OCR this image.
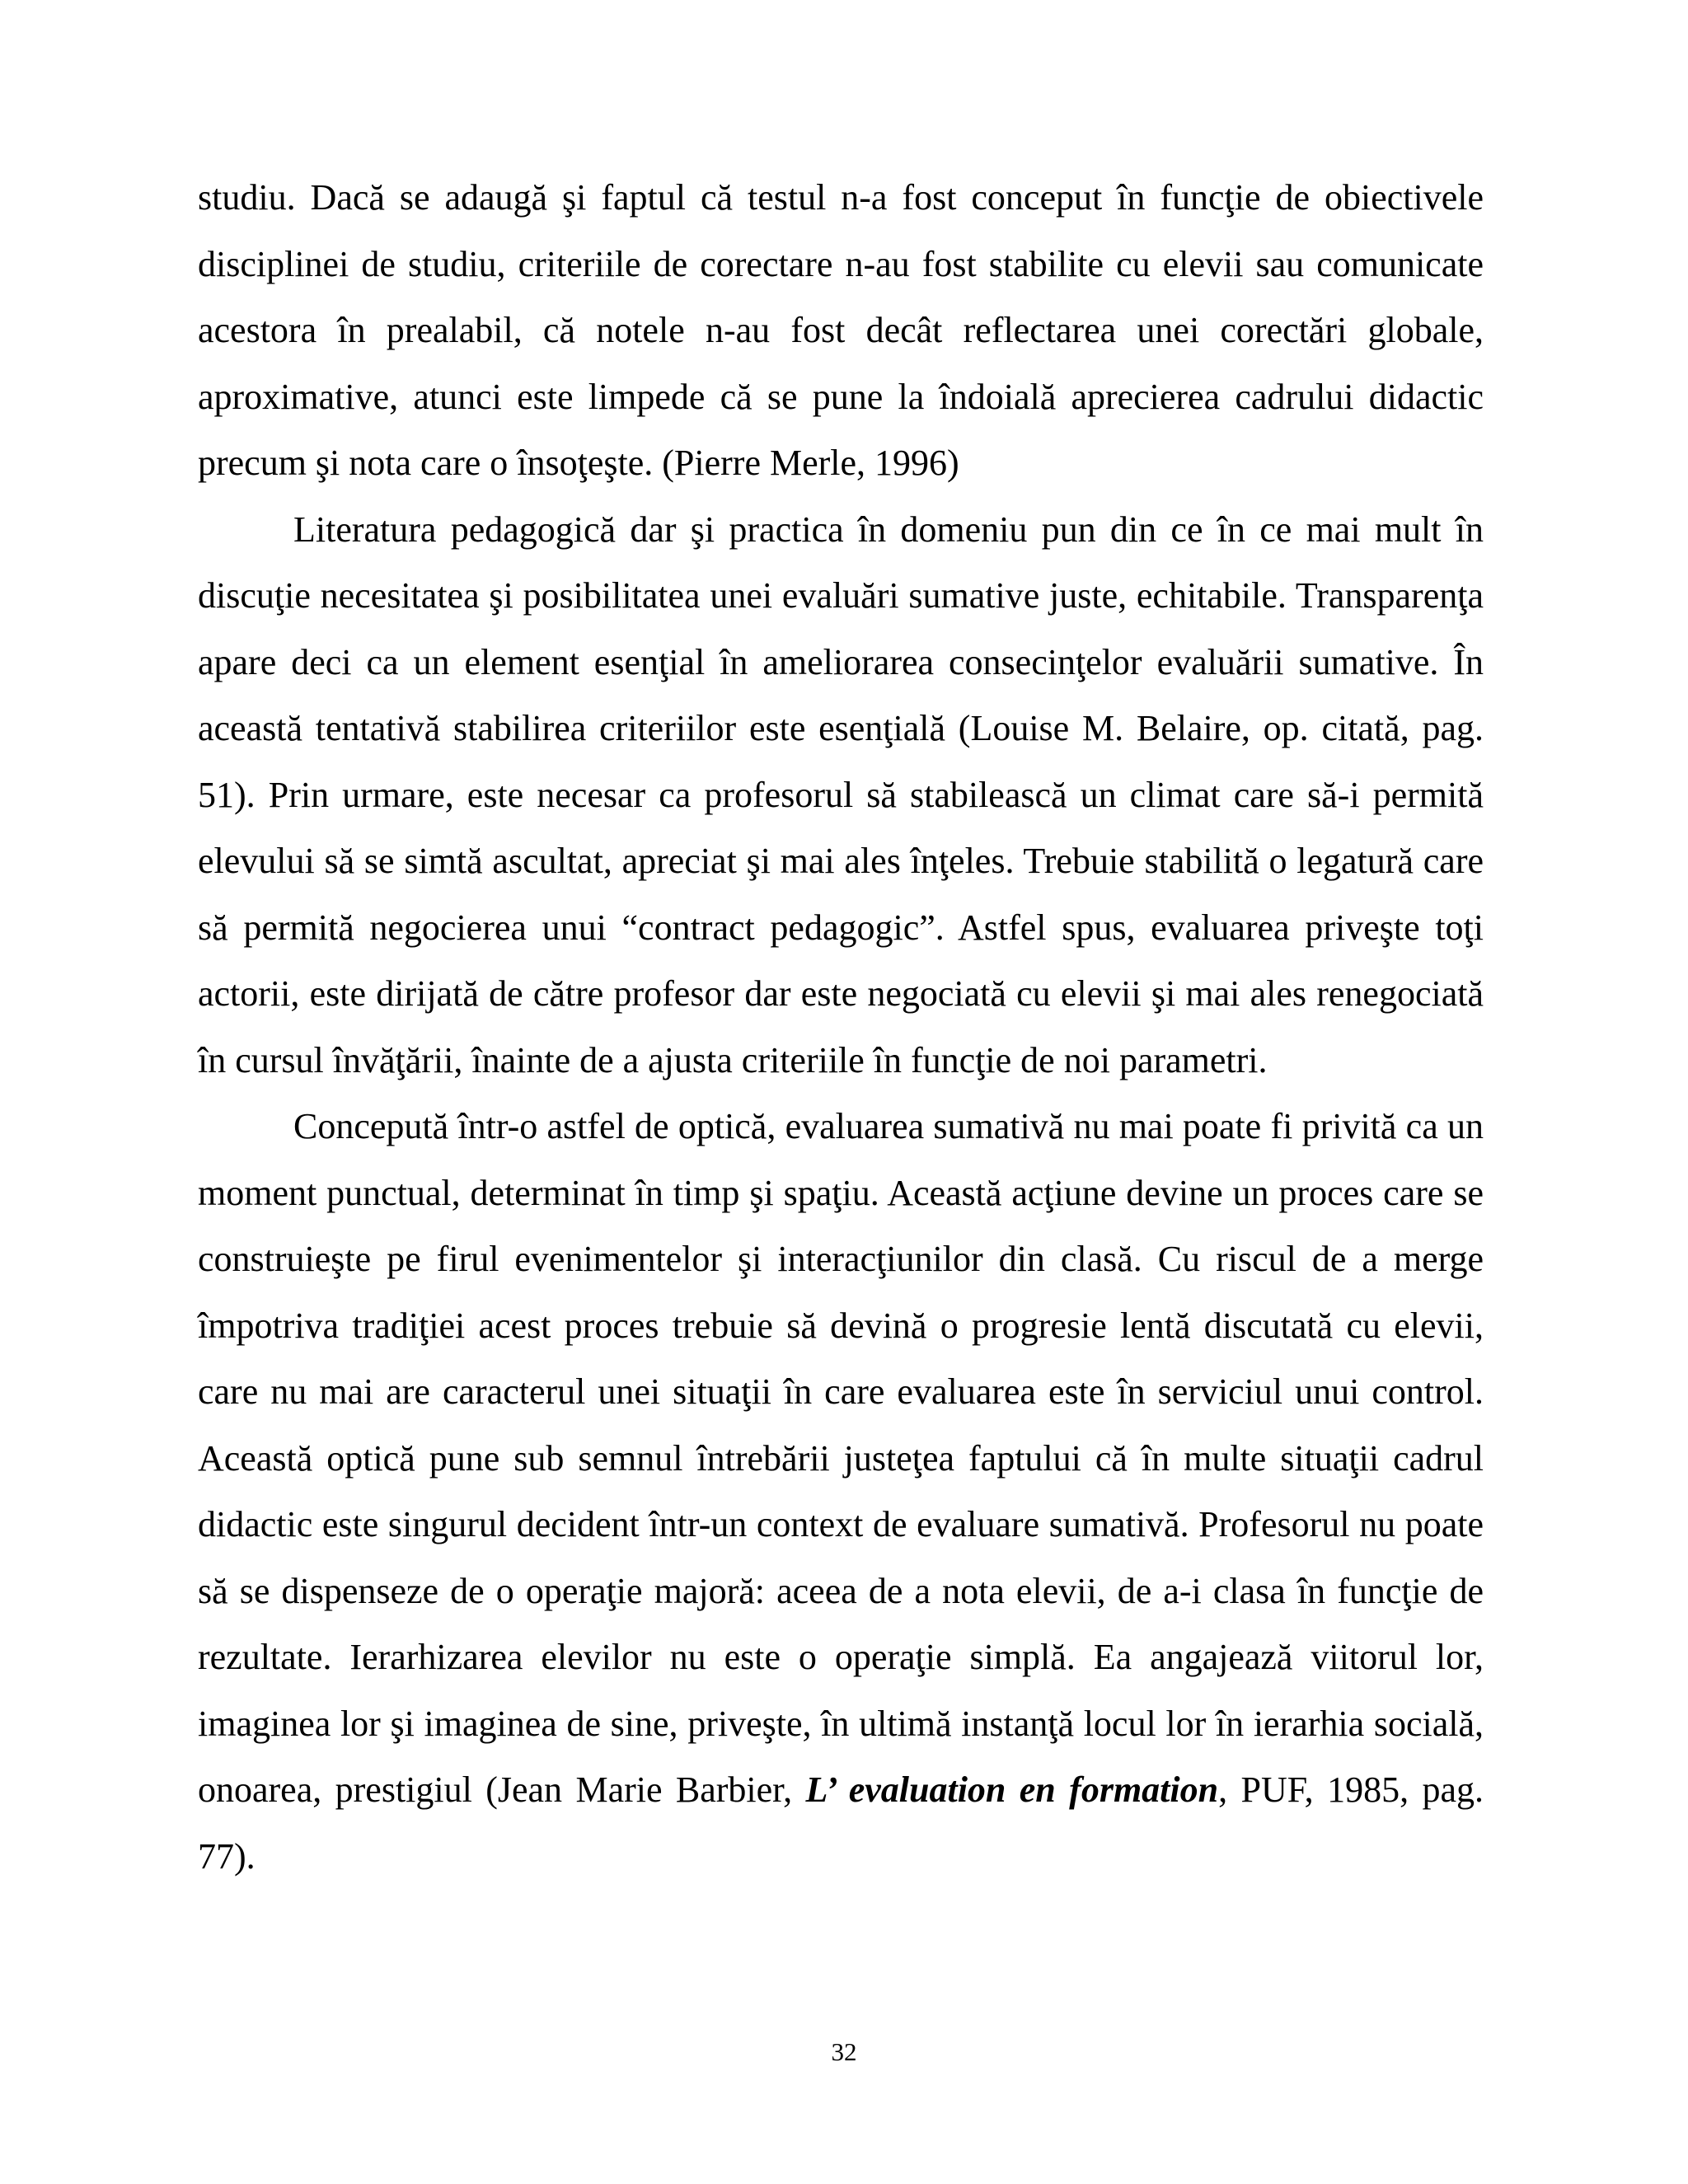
studiu. Dacă se adaugă şi faptul că testul n-a fost conceput în funcţie de obiectivele disciplinei de studiu, criteriile de corectare n-au fost stabilite cu elevii sau comunicate acestora în prealabil, că notele n-au fost decât reflectarea unei corectări globale, aproximative, atunci este limpede că se pune la îndoială aprecierea cadrului didactic precum şi nota care o însoţeşte. (Pierre Merle, 1996)

Literatura pedagogică dar şi practica în domeniu pun din ce în ce mai mult în discuţie necesitatea şi posibilitatea unei evaluări sumative juste, echitabile. Transparenţa apare deci ca un element esenţial în ameliorarea consecinţelor evaluării sumative. În această tentativă stabilirea criteriilor este esenţială (Louise M. Belaire, op. citată, pag. 51). Prin urmare, este necesar ca profesorul să stabilească un climat care să-i permită elevului să se simtă ascultat, apreciat şi mai ales înţeles. Trebuie stabilită o legatură care să permită negocierea unui “contract pedagogic”. Astfel spus, evaluarea priveşte toţi actorii, este dirijată de către profesor dar este negociată cu elevii şi mai ales renegociată în cursul învăţării, înainte de a ajusta criteriile în funcţie de noi parametri.

Concepută într-o astfel de optică, evaluarea sumativă nu mai poate fi privită ca un moment punctual, determinat în timp şi spaţiu. Această acţiune devine un proces care se construieşte pe firul evenimentelor şi interacţiunilor din clasă. Cu riscul de a merge împotriva tradiţiei acest proces trebuie să devină o progresie lentă discutată cu elevii, care nu mai are caracterul unei situaţii în care evaluarea este în serviciul unui control. Această optică pune sub semnul întrebării justeţea faptului că în multe situaţii cadrul didactic este singurul decident într-un context de evaluare sumativă. Profesorul nu poate să se dispenseze de o operaţie majoră: aceea de a nota elevii, de a-i clasa în funcţie de rezultate. Ierarhizarea elevilor nu este o operaţie simplă. Ea angajează viitorul lor, imaginea lor şi imaginea de sine, priveşte, în ultimă instanţă locul lor în ierarhia socială, onoarea, prestigiul (Jean Marie Barbier, L’ evaluation en formation, PUF, 1985, pag. 77).

32
